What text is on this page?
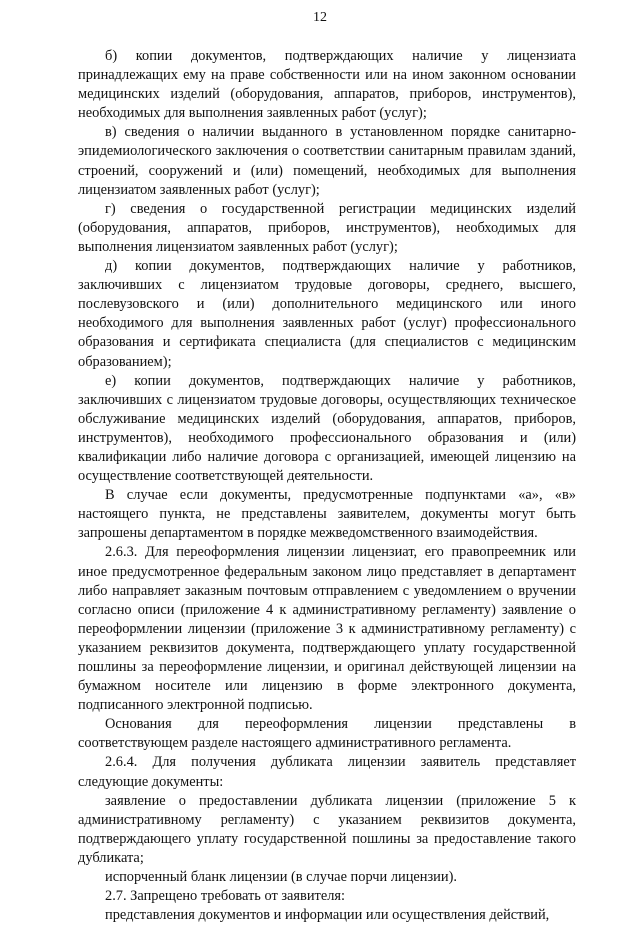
12

б) копии документов, подтверждающих наличие у лицензиата принадлежащих ему на праве собственности или на ином законном основании медицинских изделий (оборудования, аппаратов, приборов, инструментов), необходимых для выполнения заявленных работ (услуг);

в) сведения о наличии выданного в установленном порядке санитарно-эпидемиологического заключения о соответствии санитарным правилам зданий, строений, сооружений и (или) помещений, необходимых для выполнения лицензиатом заявленных работ (услуг);

г) сведения о государственной регистрации медицинских изделий (оборудования, аппаратов, приборов, инструментов), необходимых для выполнения лицензиатом заявленных работ (услуг);

д) копии документов, подтверждающих наличие у работников, заключивших с лицензиатом трудовые договоры, среднего, высшего, послевузовского и (или) дополнительного медицинского или иного необходимого для выполнения заявленных работ (услуг) профессионального образования и сертификата специалиста (для специалистов с медицинским образованием);

е) копии документов, подтверждающих наличие у работников, заключивших с лицензиатом трудовые договоры, осуществляющих техническое обслуживание медицинских изделий (оборудования, аппаратов, приборов, инструментов), необходимого профессионального образования и (или) квалификации либо наличие договора с организацией, имеющей лицензию на осуществление соответствующей деятельности.

В случае если документы, предусмотренные подпунктами «а», «в» настоящего пункта, не представлены заявителем, документы могут быть запрошены департаментом в порядке межведомственного взаимодействия.

2.6.3. Для переоформления лицензии лицензиат, его правопреемник или иное предусмотренное федеральным законом лицо представляет в департамент либо направляет заказным почтовым отправлением с уведомлением о вручении согласно описи (приложение 4 к административному регламенту) заявление о переоформлении лицензии (приложение 3 к административному регламенту) с указанием реквизитов документа, подтверждающего уплату государственной пошлины за переоформление лицензии, и оригинал действующей лицензии на бумажном носителе или лицензию в форме электронного документа, подписанного электронной подписью.

Основания для переоформления лицензии представлены в соответствующем разделе настоящего административного регламента.

2.6.4. Для получения дубликата лицензии заявитель представляет следующие документы:

заявление о предоставлении дубликата лицензии (приложение 5 к административному регламенту) с указанием реквизитов документа, подтверждающего уплату государственной пошлины за предоставление такого дубликата;

испорченный бланк лицензии (в случае порчи лицензии).

2.7. Запрещено требовать от заявителя:

представления документов и информации или осуществления действий,
